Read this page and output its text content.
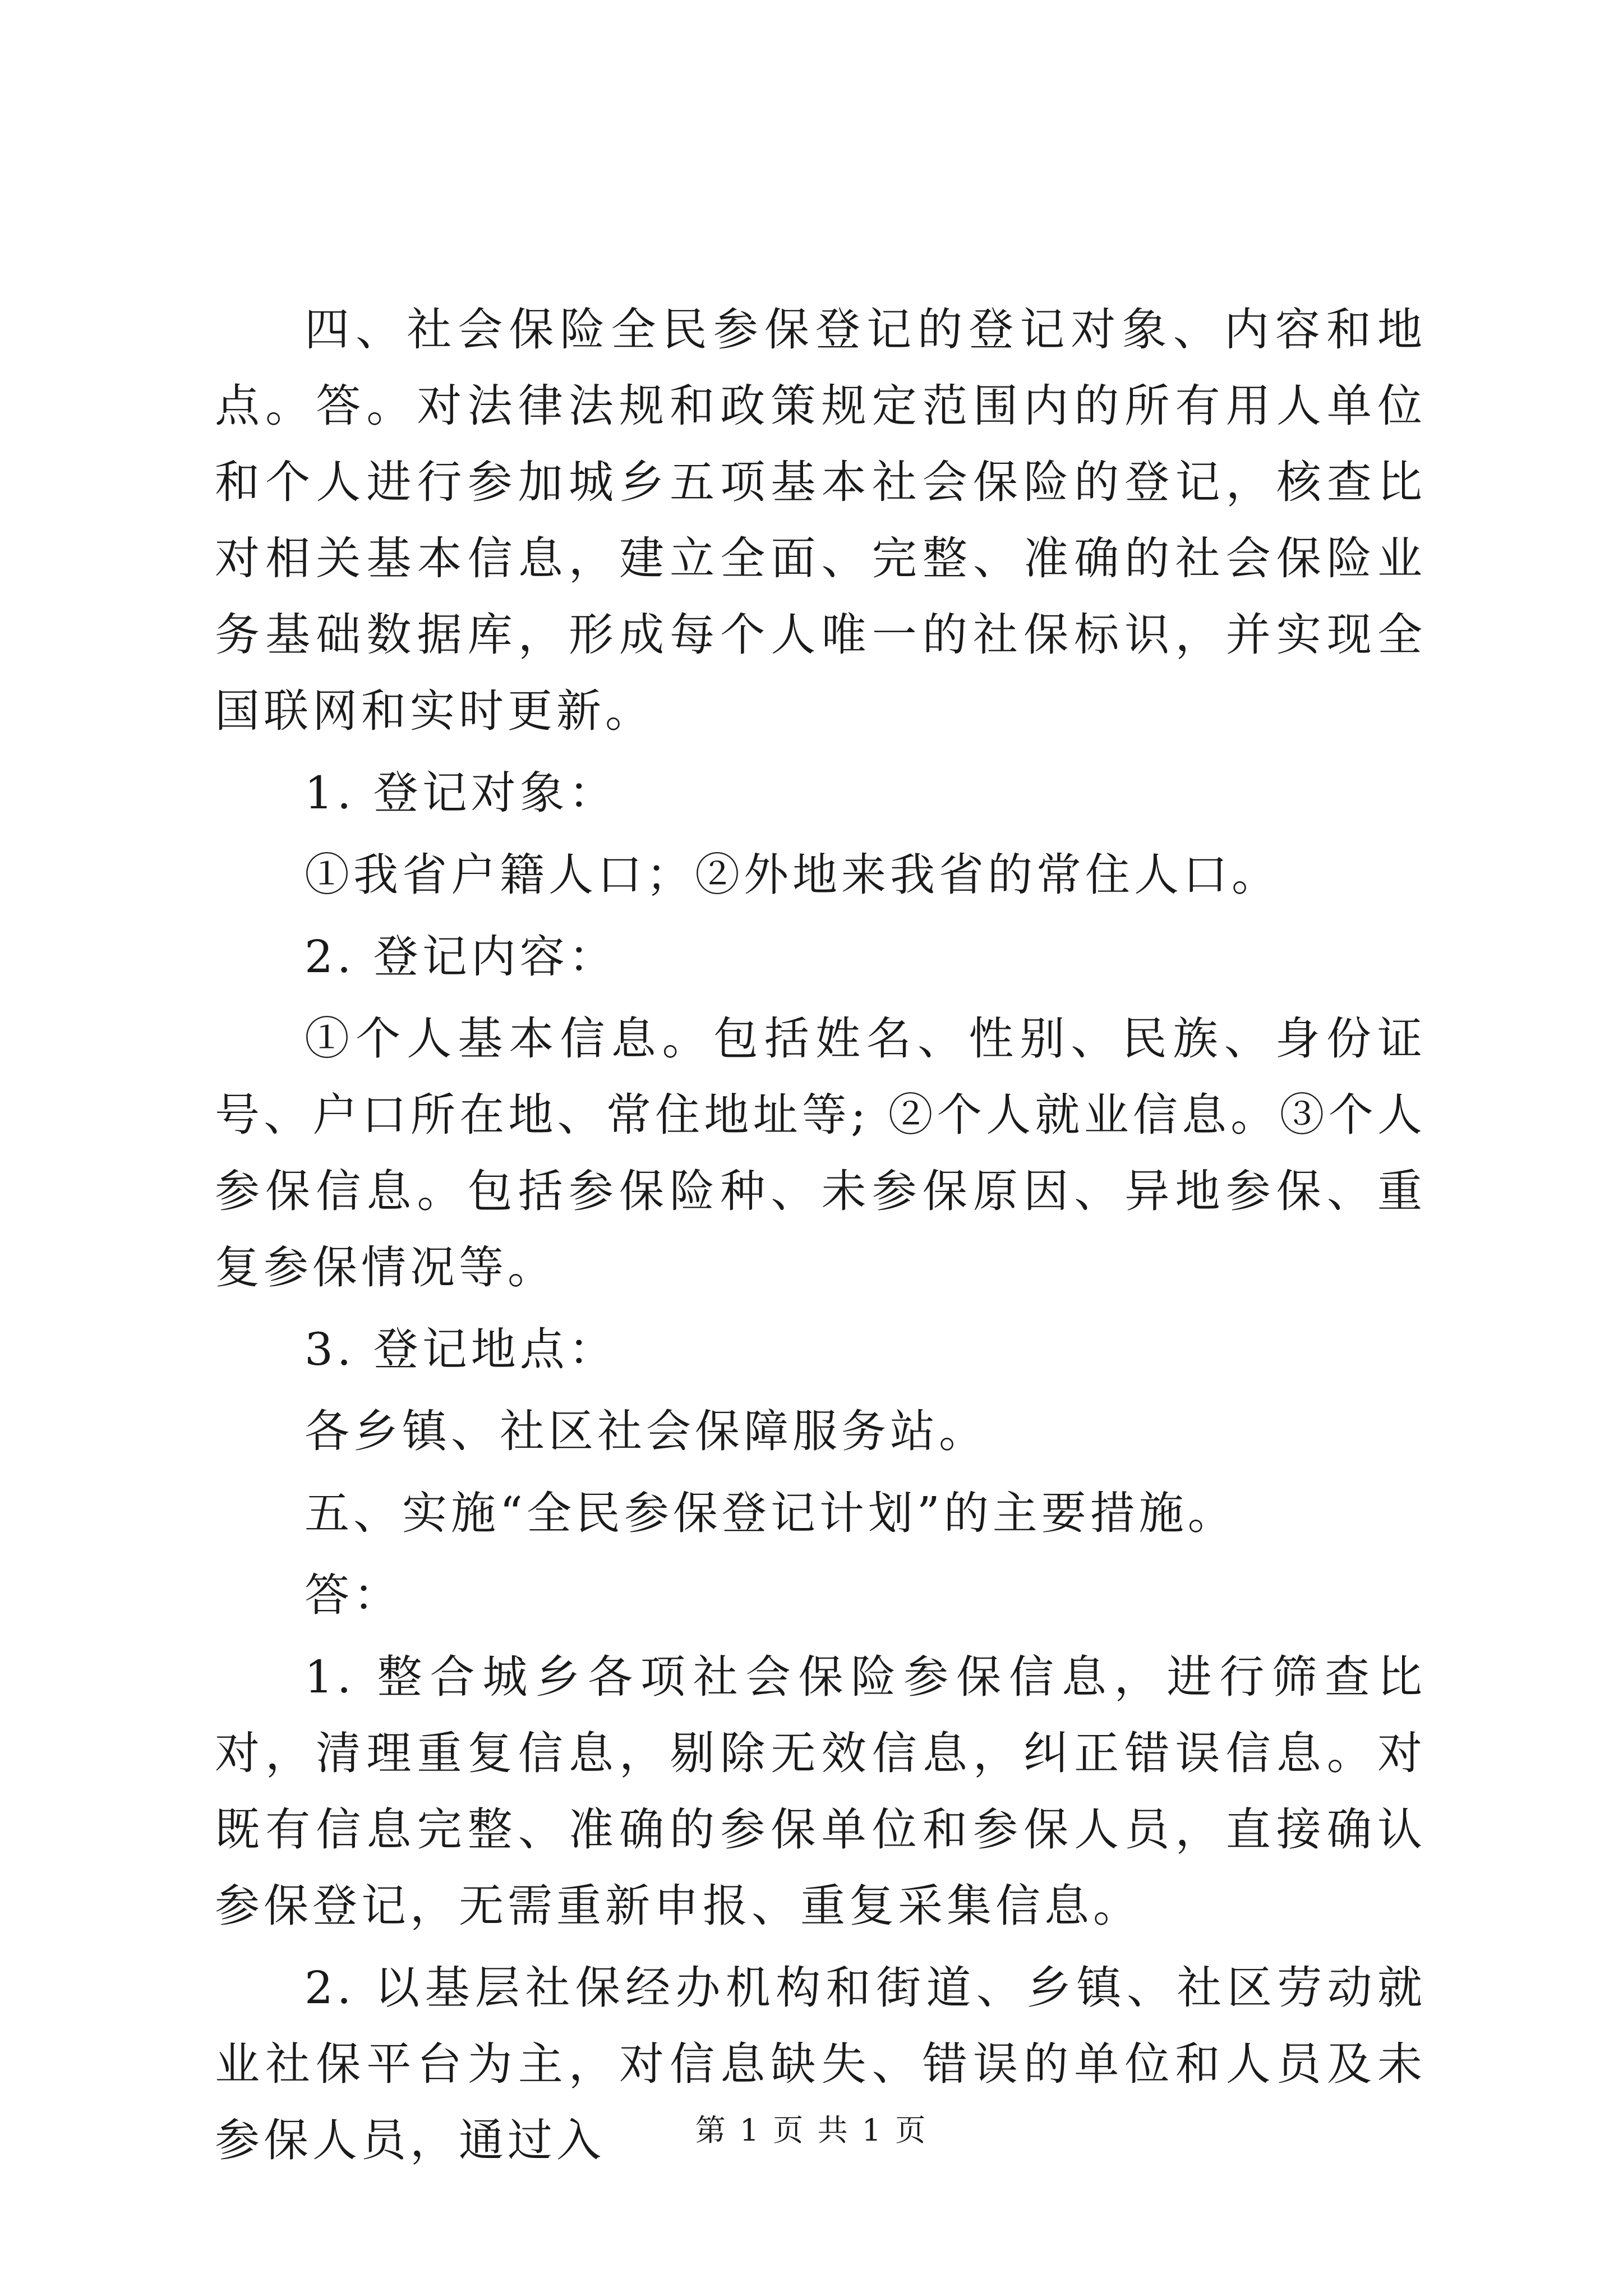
四、社会保险全民参保登记的登记对象、内容和地点。答。对法律法规和政策规定范围内的所有用人单位和个人进行参加城乡五项基本社会保险的登记，核查比对相关基本信息，建立全面、完整、准确的社会保险业务基础数据库，形成每个人唯一的社保标识，并实现全国联网和实时更新。

1. 登记对象：

①我省户籍人口；②外地来我省的常住人口。

2. 登记内容：

①个人基本信息。包括姓名、性别、民族、身份证号、户口所在地、常住地址等; ②个人就业信息。③个人参保信息。包括参保险种、未参保原因、异地参保、重复参保情况等。

3. 登记地点：

各乡镇、社区社会保障服务站。

五、实施“全民参保登记计划”的主要措施。

答：

1. 整合城乡各项社会保险参保信息，进行筛查比对，清理重复信息，剔除无效信息，纠正错误信息。对既有信息完整、准确的参保单位和参保人员，直接确认参保登记，无需重新申报、重复采集信息。

2. 以基层社保经办机构和街道、乡镇、社区劳动就业社保平台为主，对信息缺失、错误的单位和人员及未参保人员，通过入	第 1 页 共 1 页
